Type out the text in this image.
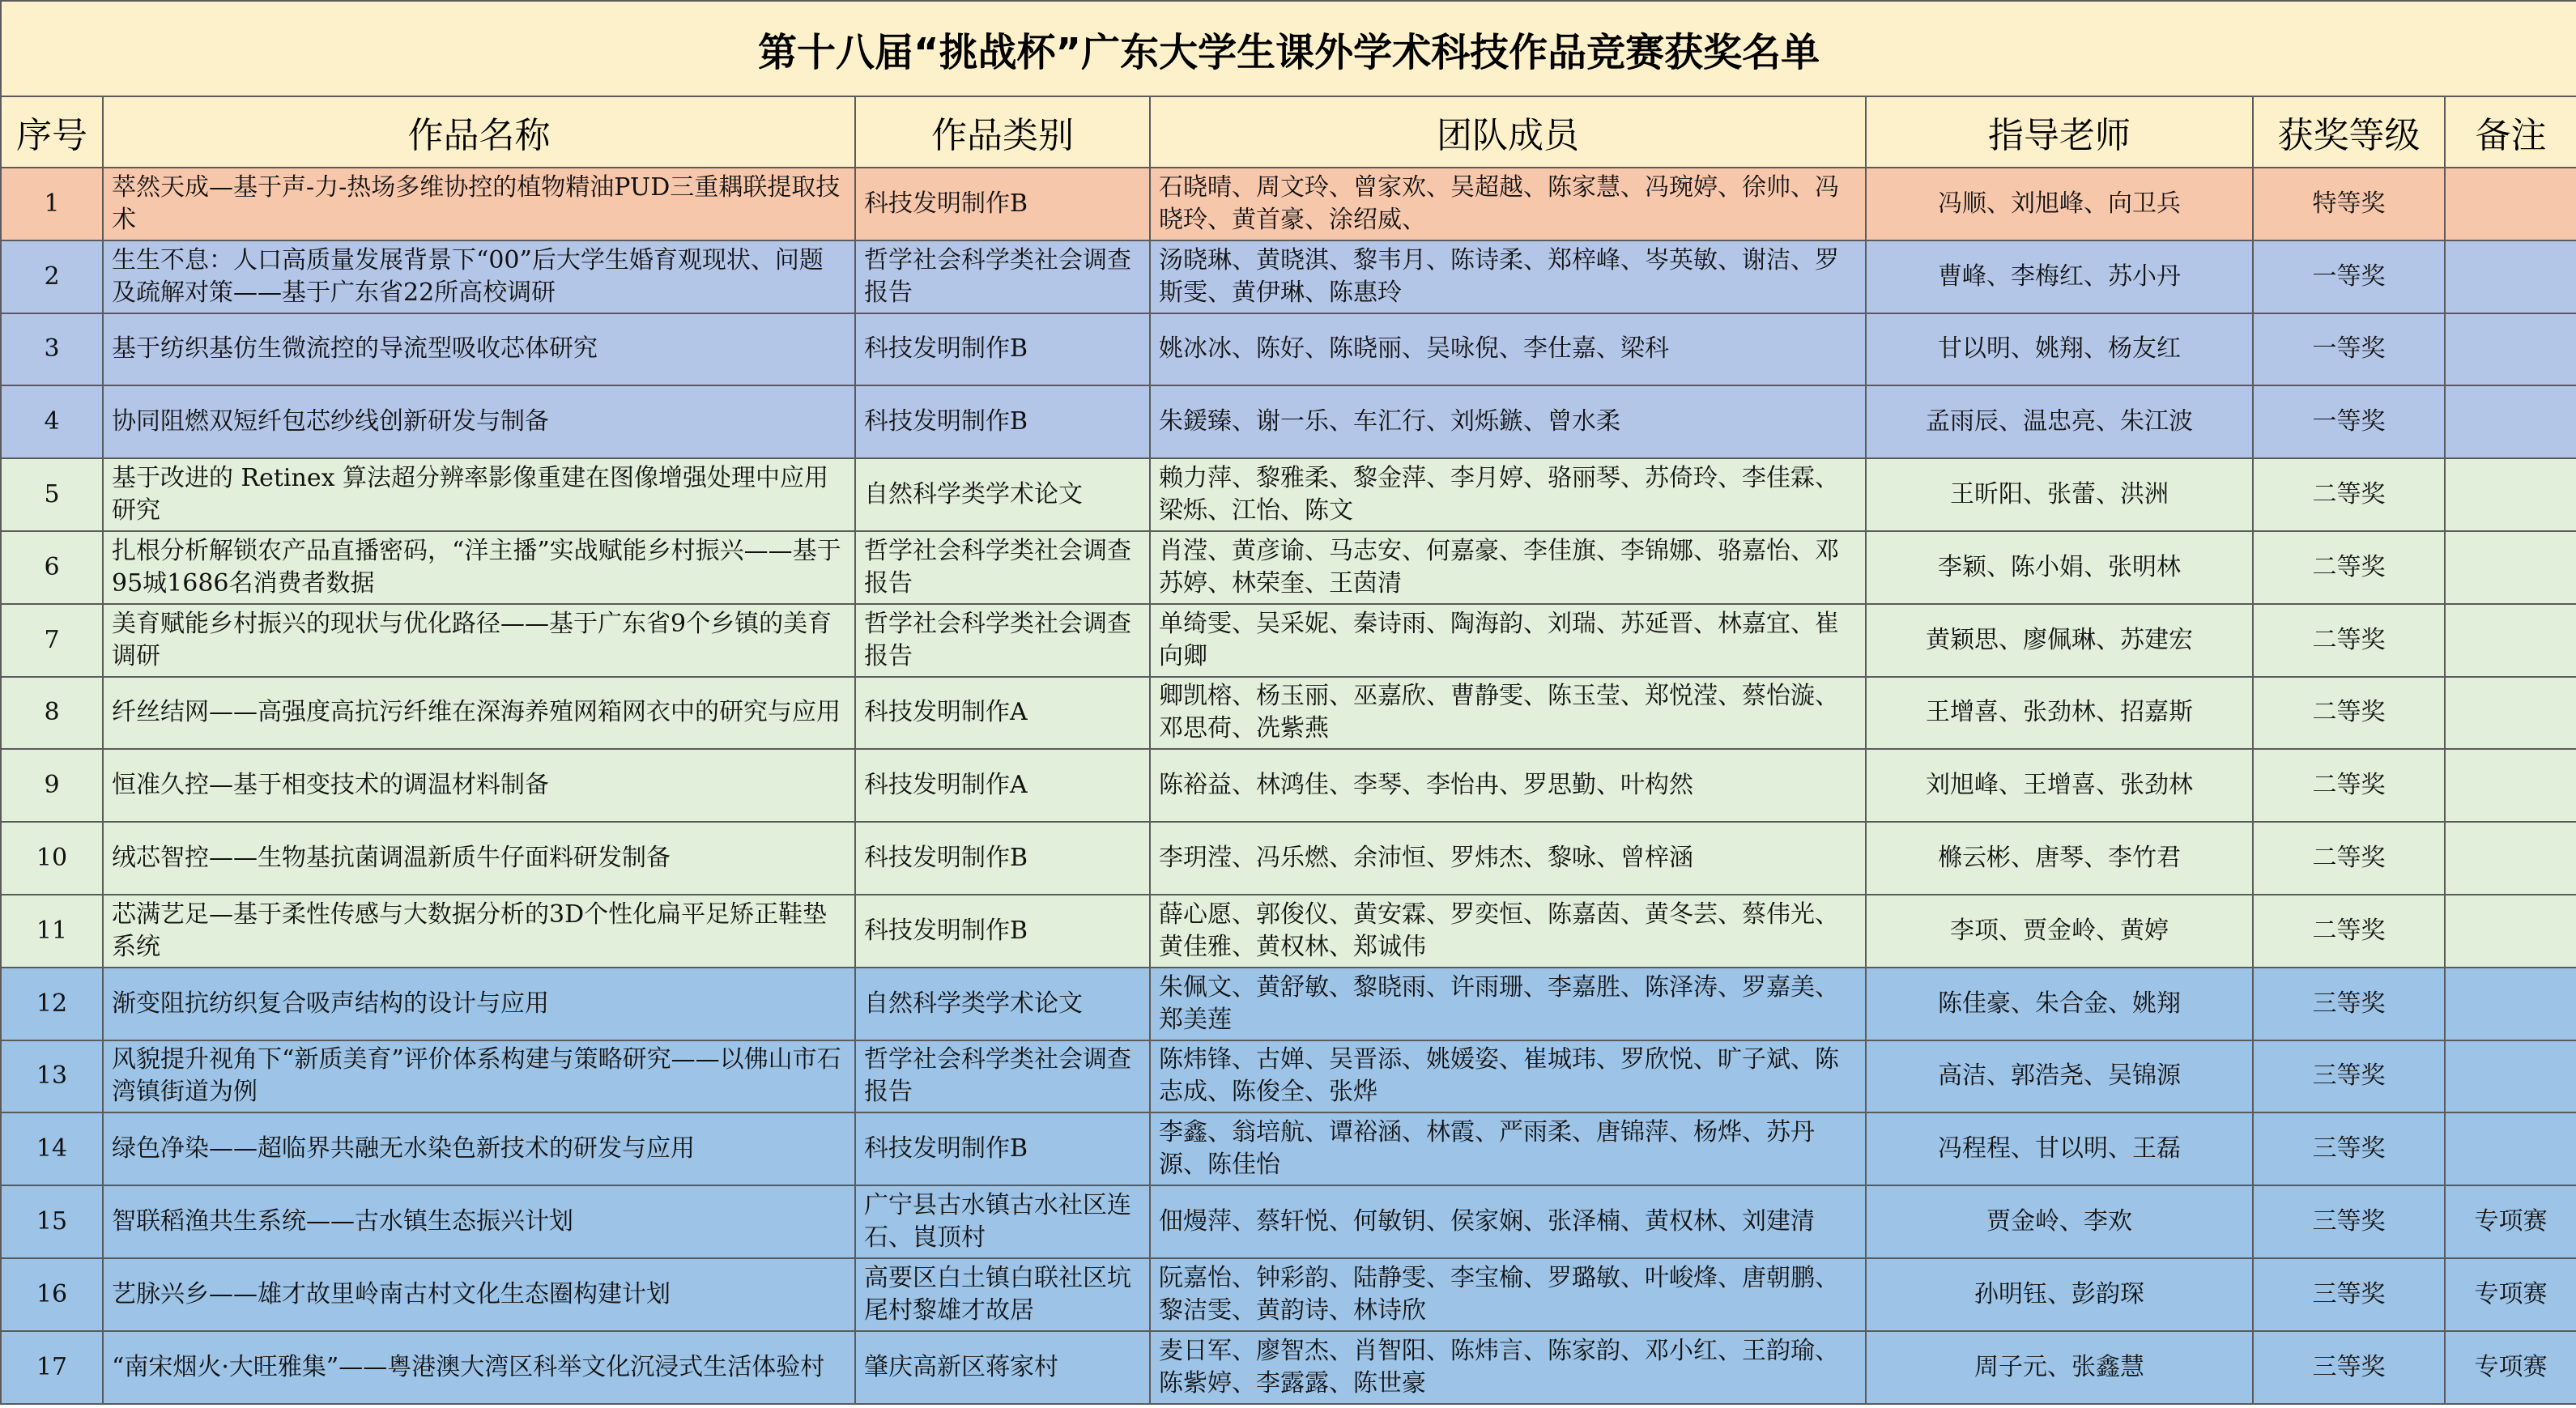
第十八届“挑战杯”广东大学生课外学术科技作品竞赛获奖名单						
序号	作品名称	作品类别	团队成员	指导老师	获奖等级	备注
1	萃然天成—基于声-力-热场多维协控的植物精油PUD三重耦联提取技术	科技发明制作B	石晓晴、周文玲、曾家欢、吴超越、陈家慧、冯琬婷、徐帅、冯晓玲、黄首豪、涂绍威、	冯顺、刘旭峰、向卫兵	特等奖	
2	生生不息：人口高质量发展背景下“00”后大学生婚育观现状、问题及疏解对策——基于广东省22所高校调研	哲学社会科学类社会调查报告	汤晓琳、黄晓淇、黎韦月、陈诗柔、郑梓峰、岑英敏、谢洁、罗斯雯、黄伊琳、陈惠玲	曹峰、李梅红、苏小丹	一等奖	
3	基于纺织基仿生微流控的导流型吸收芯体研究	科技发明制作B	姚冰冰、陈好、陈晓丽、吴咏倪、李仕嘉、梁科	甘以明、姚翔、杨友红	一等奖	
4	协同阻燃双短纤包芯纱线创新研发与制备	科技发明制作B	朱鍰臻、谢一乐、车汇行、刘烁鏃、曾水柔	孟雨辰、温忠亮、朱江波	一等奖	
5	基于改进的 Retinex 算法超分辨率影像重建在图像增强处理中应用研究	自然科学类学术论文	赖力萍、黎雅柔、黎金萍、李月婷、骆丽琴、苏倚玲、李佳霖、梁烁、江怡、陈文	王昕阳、张蕾、洪洲	二等奖	
6	扎根分析解锁农产品直播密码，“洋主播”实战赋能乡村振兴——基于95城1686名消费者数据	哲学社会科学类社会调查报告	肖滢、黄彦谕、马志安、何嘉豪、李佳旗、李锦娜、骆嘉怡、邓苏婷、林荣奎、王茵清	李颖、陈小娟、张明林	二等奖	
7	美育赋能乡村振兴的现状与优化路径——基于广东省9个乡镇的美育调研	哲学社会科学类社会调查报告	单绮雯、吴采妮、秦诗雨、陶海韵、刘瑞、苏延晋、林嘉宜、崔向卿	黄颖思、廖佩琳、苏建宏	二等奖	
8	纤丝结网——高强度高抗污纤维在深海养殖网箱网衣中的研究与应用	科技发明制作A	卿凯榕、杨玉丽、巫嘉欣、曹静雯、陈玉莹、郑悦滢、蔡怡漩、邓思荷、冼紫燕	王增喜、张劲林、招嘉斯	二等奖	
9	恒准久控—基于相变技术的调温材料制备	科技发明制作A	陈裕益、林鸿佳、李琴、李怡冉、罗思勤、叶构然	刘旭峰、王增喜、张劲林	二等奖	
10	绒芯智控——生物基抗菌调温新质牛仔面料研发制备	科技发明制作B	李玥滢、冯乐燃、余沛恒、罗炜杰、黎咏、曾梓涵	樤云彬、唐琴、李竹君	二等奖	
11	芯满艺足—基于柔性传感与大数据分析的3D个性化扁平足矫正鞋垫系统	科技发明制作B	薛心愿、郭俊仪、黄安霖、罗奕恒、陈嘉茵、黄冬芸、蔡伟光、黄佳雅、黄权林、郑诚伟	李项、贾金岭、黄婷	二等奖	
12	渐变阻抗纺织复合吸声结构的设计与应用	自然科学类学术论文	朱佩文、黄舒敏、黎晓雨、许雨珊、李嘉胜、陈泽涛、罗嘉美、郑美莲	陈佳豪、朱合金、姚翔	三等奖	
13	风貌提升视角下“新质美育”评价体系构建与策略研究——以佛山市石湾镇街道为例	哲学社会科学类社会调查报告	陈炜锋、古婵、吴晋添、姚媛姿、崔城玮、罗欣悦、旷子斌、陈志成、陈俊全、张烨	高洁、郭浩尧、吴锦源	三等奖	
14	绿色净染——超临界共融无水染色新技术的研发与应用	科技发明制作B	李鑫、翁培航、谭裕涵、林霞、严雨柔、唐锦萍、杨烨、苏丹源、陈佳怡	冯程程、甘以明、王磊	三等奖	
15	智联稻渔共生系统——古水镇生态振兴计划	广宁县古水镇古水社区连石、崀顶村	佃熳萍、蔡轩悦、何敏钥、侯家娴、张泽楠、黄权林、刘建清	贾金岭、李欢	三等奖	专项赛
16	艺脉兴乡——雄才故里岭南古村文化生态圈构建计划	高要区白土镇白联社区坑尾村黎雄才故居	阮嘉怡、钟彩韵、陆静雯、李宝榆、罗璐敏、叶峻烽、唐朝鹏、黎洁雯、黄韵诗、林诗欣	孙明钰、彭韵琛	三等奖	专项赛
17	“南宋烟火·大旺雅集”——粤港澳大湾区科举文化沉浸式生活体验村	肇庆高新区蒋家村	麦日军、廖智杰、肖智阳、陈炜言、陈家韵、邓小红、王韵瑜、陈紫婷、李露露、陈世豪	周子元、张鑫慧	三等奖	专项赛
